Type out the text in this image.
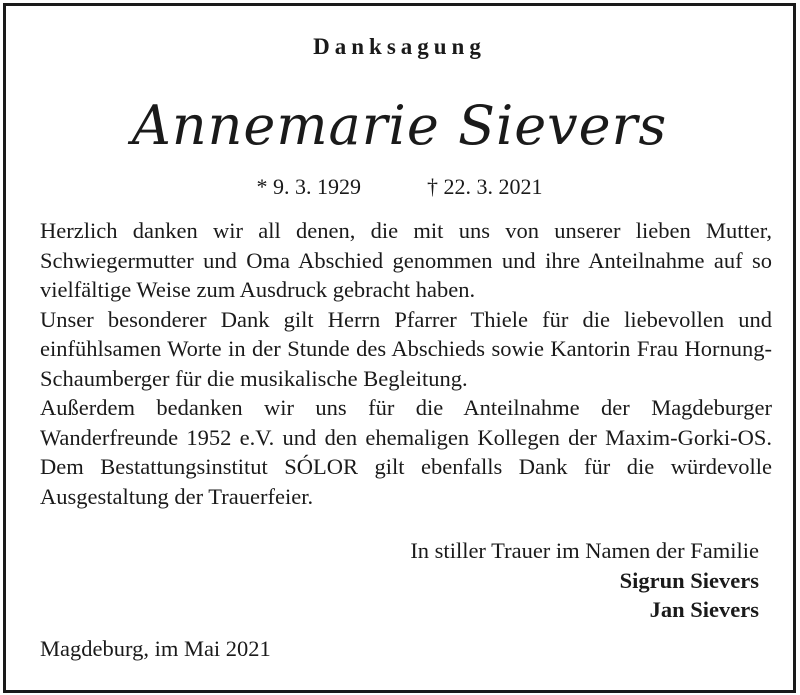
Danksagung
Annemarie Sievers
* 9. 3. 1929	† 22. 3. 2021

Herzlich danken wir all denen, die mit uns von unserer lieben Mutter, Schwiegermutter und Oma Abschied genommen und ihre Anteilnahme auf so vielfältige Weise zum Ausdruck gebracht haben.

Unser besonderer Dank gilt Herrn Pfarrer Thiele für die liebevollen und einfühlsamen Worte in der Stunde des Abschieds sowie Kantorin Frau Hornung-Schaumberger für die musikalische Begleitung.

Außerdem bedanken wir uns für die Anteilnahme der Magdeburger Wanderfreunde 1952 e.V. und den ehemaligen Kollegen der Maxim-Gorki-OS. Dem Bestattungsinstitut SÓLOR gilt ebenfalls Dank für die würdevolle Ausgestaltung der Trauerfeier.

In stiller Trauer im Namen der Familie
Sigrun Sievers
Jan Sievers
Magdeburg, im Mai 2021
